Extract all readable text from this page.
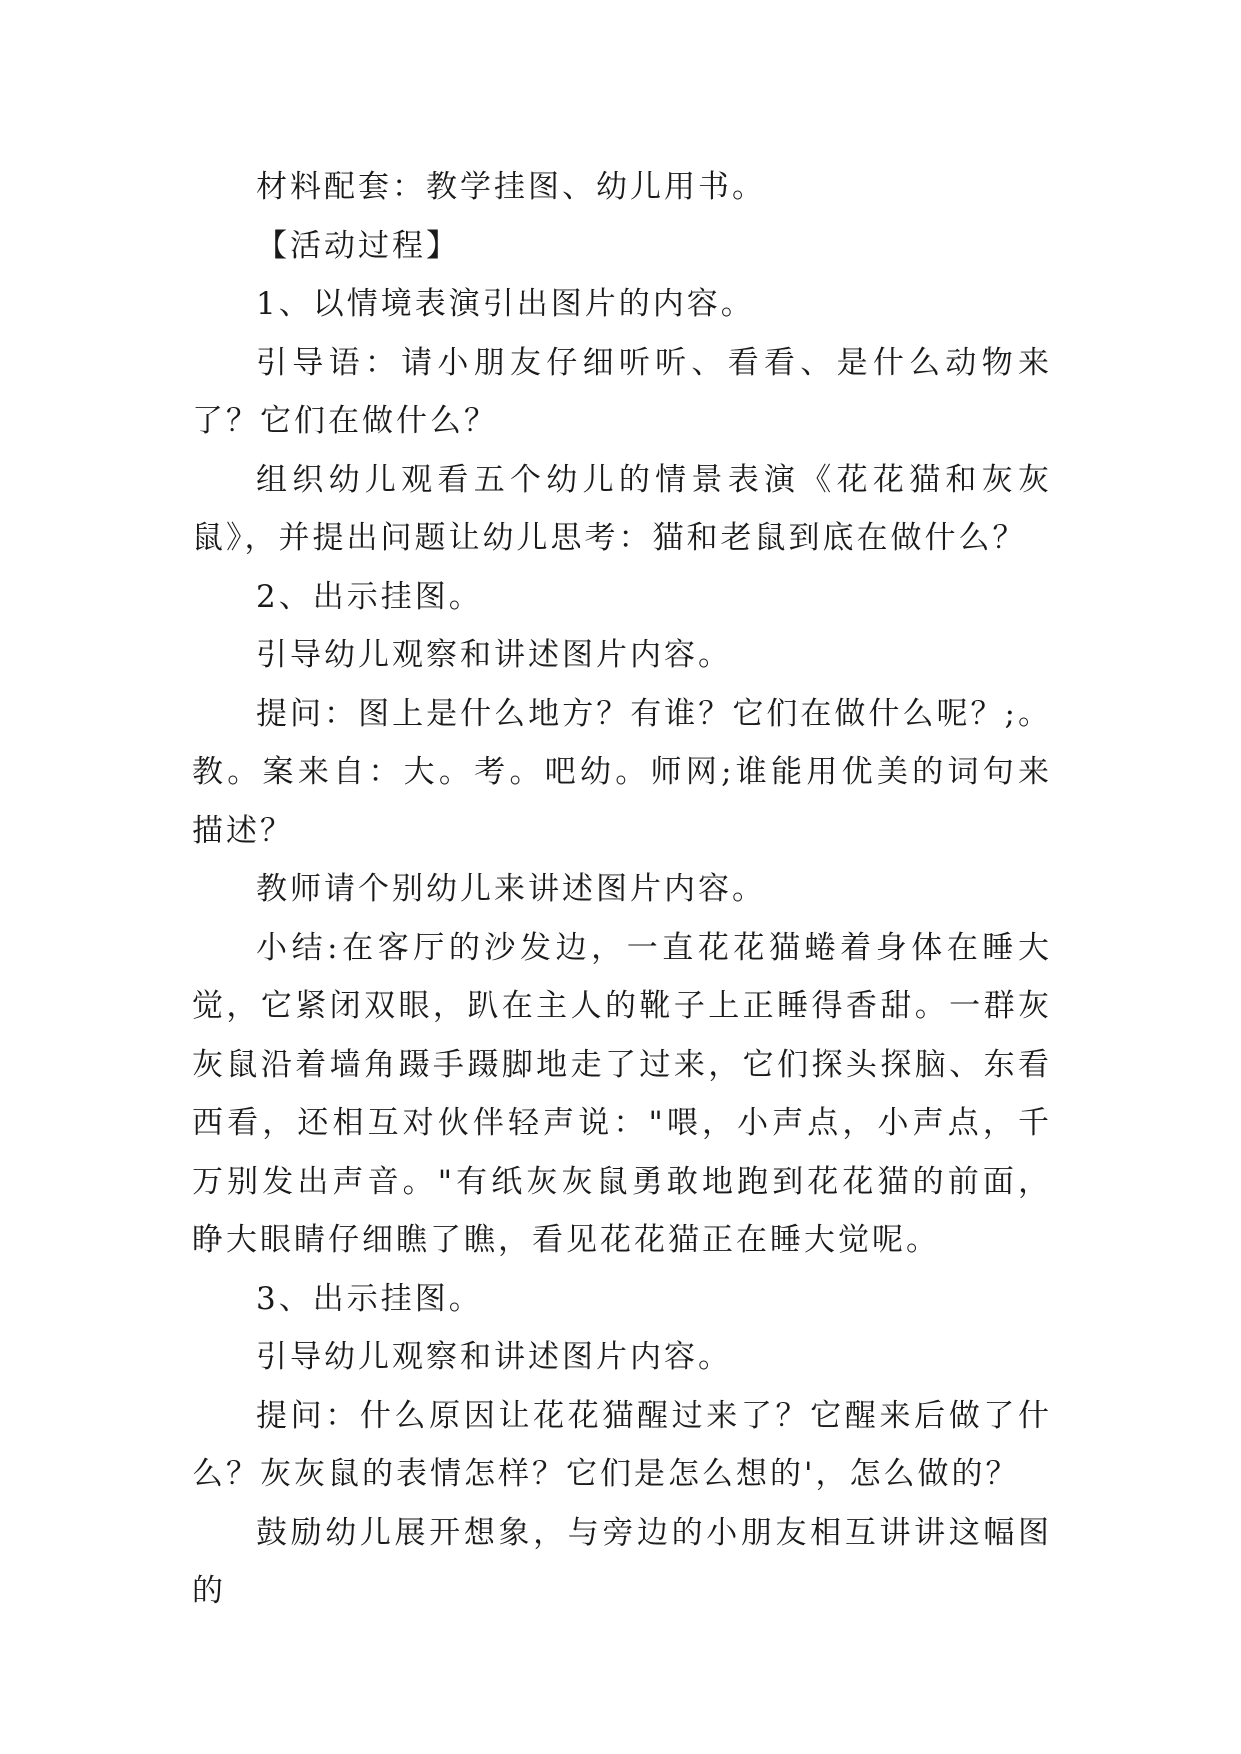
材料配套：教学挂图、幼儿用书。

【活动过程】

1、以情境表演引出图片的内容。

引导语：请小朋友仔细听听、看看、是什么动物来了？它们在做什么？

组织幼儿观看五个幼儿的情景表演《花花猫和灰灰鼠》，并提出问题让幼儿思考：猫和老鼠到底在做什么？

2、出示挂图。

引导幼儿观察和讲述图片内容。

提问：图上是什么地方？有谁？它们在做什么呢？;。教。案来自：大。考。吧幼。师网;谁能用优美的词句来描述？

教师请个别幼儿来讲述图片内容。

小结:在客厅的沙发边，一直花花猫蜷着身体在睡大觉，它紧闭双眼，趴在主人的靴子上正睡得香甜。一群灰灰鼠沿着墙角蹑手蹑脚地走了过来，它们探头探脑、东看西看，还相互对伙伴轻声说："喂，小声点，小声点，千万别发出声音。"有纸灰灰鼠勇敢地跑到花花猫的前面，睁大眼睛仔细瞧了瞧，看见花花猫正在睡大觉呢。

3、出示挂图。

引导幼儿观察和讲述图片内容。

提问：什么原因让花花猫醒过来了？它醒来后做了什么？灰灰鼠的表情怎样？它们是怎么想的'，怎么做的？

鼓励幼儿展开想象，与旁边的小朋友相互讲讲这幅图的
